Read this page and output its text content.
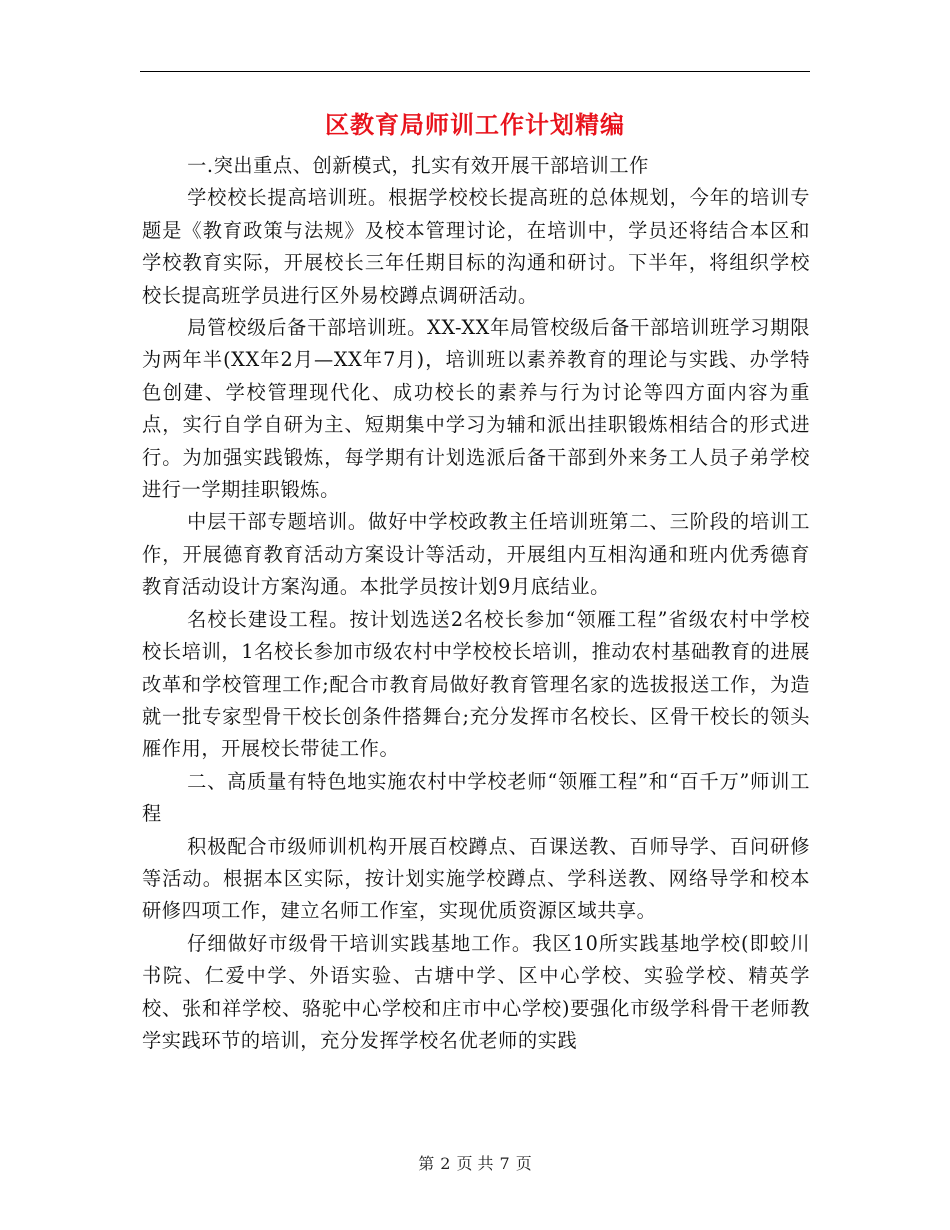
区教育局师训工作计划精编

一.突出重点、创新模式，扎实有效开展干部培训工作

学校校长提高培训班。根据学校校长提高班的总体规划，今年的培训专题是《教育政策与法规》及校本管理讨论，在培训中，学员还将结合本区和学校教育实际，开展校长三年任期目标的沟通和研讨。下半年，将组织学校校长提高班学员进行区外易校蹲点调研活动。

局管校级后备干部培训班。XX-XX年局管校级后备干部培训班学习期限为两年半(XX年2月—XX年7月)，培训班以素养教育的理论与实践、办学特色创建、学校管理现代化、成功校长的素养与行为讨论等四方面内容为重点，实行自学自研为主、短期集中学习为辅和派出挂职锻炼相结合的形式进行。为加强实践锻炼，每学期有计划选派后备干部到外来务工人员子弟学校进行一学期挂职锻炼。

中层干部专题培训。做好中学校政教主任培训班第二、三阶段的培训工作，开展德育教育活动方案设计等活动，开展组内互相沟通和班内优秀德育教育活动设计方案沟通。本批学员按计划9月底结业。

名校长建设工程。按计划选送2名校长参加“领雁工程”省级农村中学校校长培训，1名校长参加市级农村中学校校长培训，推动农村基础教育的进展改革和学校管理工作;配合市教育局做好教育管理名家的选拔报送工作，为造就一批专家型骨干校长创条件搭舞台;充分发挥市名校长、区骨干校长的领头雁作用，开展校长带徒工作。

二、高质量有特色地实施农村中学校老师“领雁工程”和“百千万”师训工程

积极配合市级师训机构开展百校蹲点、百课送教、百师导学、百问研修等活动。根据本区实际，按计划实施学校蹲点、学科送教、网络导学和校本研修四项工作，建立名师工作室，实现优质资源区域共享。

仔细做好市级骨干培训实践基地工作。我区10所实践基地学校(即蛟川书院、仁爱中学、外语实验、古塘中学、区中心学校、实验学校、精英学校、张和祥学校、骆驼中心学校和庄市中心学校)要强化市级学科骨干老师教学实践环节的培训，充分发挥学校名优老师的实践

第 2 页 共 7 页
